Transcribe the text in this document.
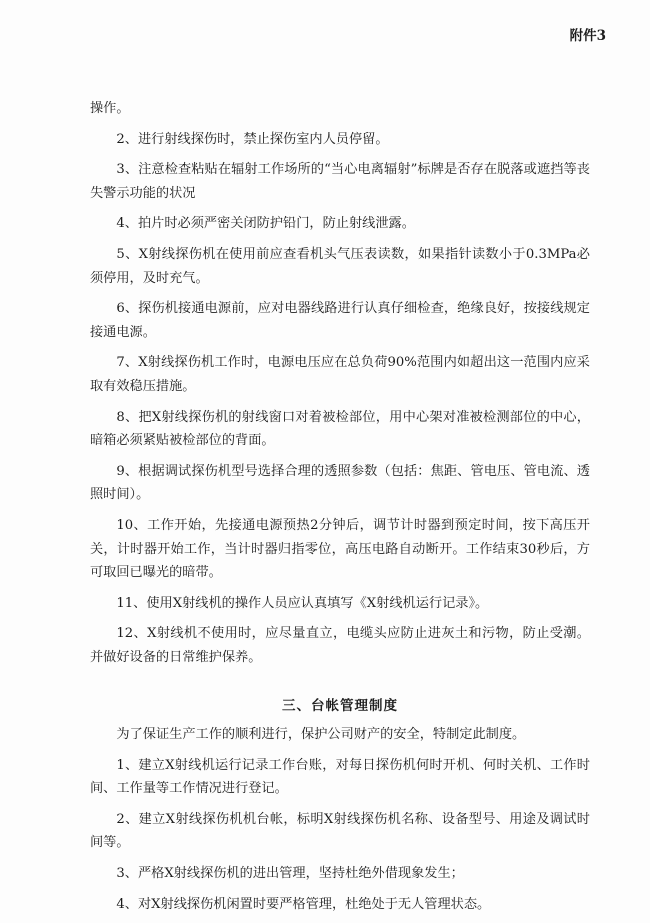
附件3

操作。

2、进行射线探伤时，禁止探伤室内人员停留。

3、注意检查粘贴在辐射工作场所的“当心电离辐射”标牌是否存在脱落或遮挡等丧失警示功能的状况

4、拍片时必须严密关闭防护铅门，防止射线泄露。

5、X射线探伤机在使用前应查看机头气压表读数，如果指针读数小于0.3MPa必须停用，及时充气。

6、探伤机接通电源前，应对电器线路进行认真仔细检查，绝缘良好，按接线规定接通电源。

7、X射线探伤机工作时，电源电压应在总负荷90%范围内如超出这一范围内应采取有效稳压措施。

8、把X射线探伤机的射线窗口对着被检部位，用中心架对准被检测部位的中心，暗箱必须紧贴被检部位的背面。

9、根据调试探伤机型号选择合理的透照参数（包括：焦距、管电压、管电流、透照时间）。

10、工作开始，先接通电源预热2分钟后，调节计时器到预定时间，按下高压开关，计时器开始工作，当计时器归指零位，高压电路自动断开。工作结束30秒后，方可取回已曝光的暗带。

11、使用X射线机的操作人员应认真填写《X射线机运行记录》。

12、X射线机不使用时，应尽量直立，电缆头应防止进灰土和污物，防止受潮。并做好设备的日常维护保养。

三、台帐管理制度

为了保证生产工作的顺利进行，保护公司财产的安全，特制定此制度。

1、建立X射线机运行记录工作台账，对每日探伤机何时开机、何时关机、工作时间、工作量等工作情况进行登记。

2、建立X射线探伤机机台帐，标明X射线探伤机名称、设备型号、用途及调试时间等。

3、严格X射线探伤机的进出管理，坚持杜绝外借现象发生；

4、对X射线探伤机闲置时要严格管理，杜绝处于无人管理状态。
